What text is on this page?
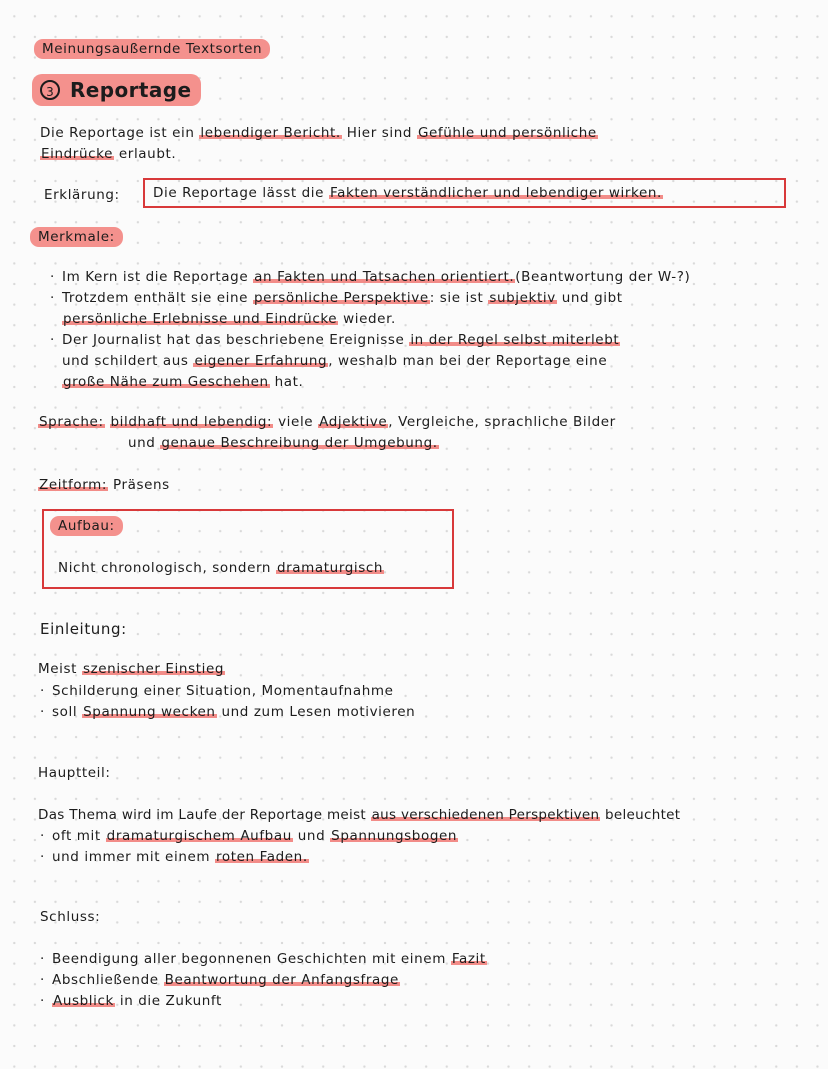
Meinungsaußernde Textsorten
3 Reportage
Die Reportage ist ein lebendiger Bericht. Hier sind Gefühle und persönliche
Eindrücke erlaubt.
Erklärung: Die Reportage lässt die Fakten verständlicher und lebendiger wirken.
Merkmale:
· Im Kern ist die Reportage an Fakten und Tatsachen orientiert.(Beantwortung der W-?)
· Trotzdem enthält sie eine persönliche Perspektive: sie ist subjektiv und gibt
persönliche Erlebnisse und Eindrücke wieder.
· Der Journalist hat das beschriebene Ereignisse in der Regel selbst miterlebt
und schildert aus eigener Erfahrung, weshalb man bei der Reportage eine
große Nähe zum Geschehen hat.
Sprache: bildhaft und lebendig: viele Adjektive, Vergleiche, sprachliche Bilder
und genaue Beschreibung der Umgebung.
Zeitform: Präsens
Aufbau:
Nicht chronologisch, sondern dramaturgisch
Einleitung:
Meist szenischer Einstieg
· Schilderung einer Situation, Momentaufnahme
· soll Spannung wecken und zum Lesen motivieren
Hauptteil:
Das Thema wird im Laufe der Reportage meist aus verschiedenen Perspektiven beleuchtet
· oft mit dramaturgischem Aufbau und Spannungsbogen
· und immer mit einem roten Faden.
Schluss:
· Beendigung aller begonnenen Geschichten mit einem Fazit
· Abschließende Beantwortung der Anfangsfrage
· Ausblick in die Zukunft
